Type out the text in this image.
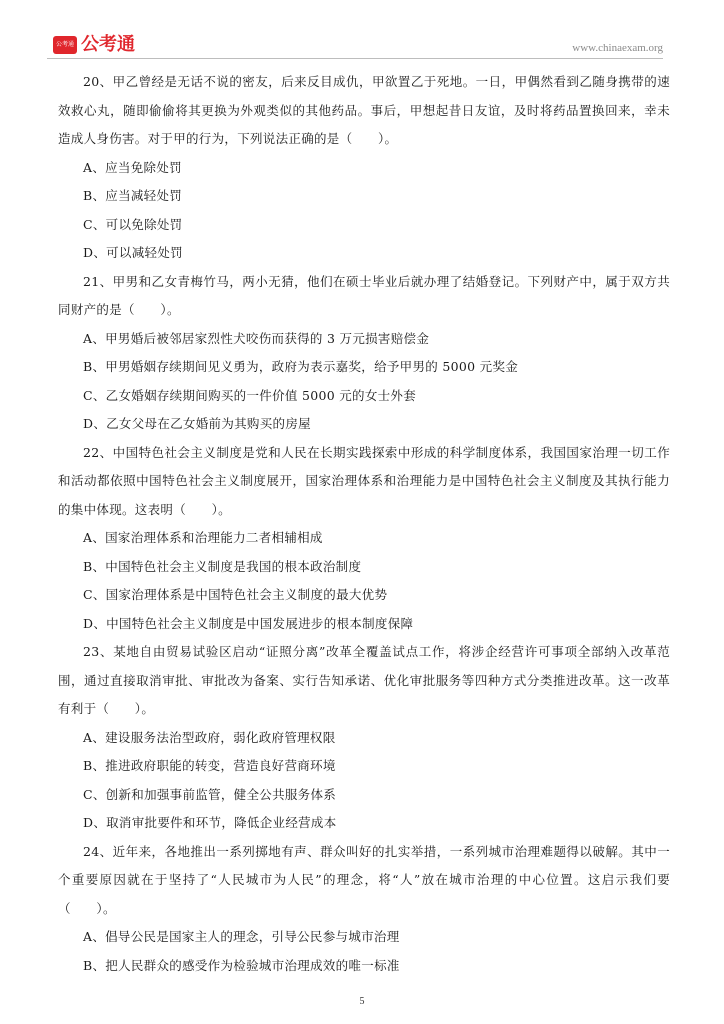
公考通 公考通	www.chinaexam.org

20、甲乙曾经是无话不说的密友，后来反目成仇，甲欲置乙于死地。一日，甲偶然看到乙随身携带的速效救心丸，随即偷偷将其更换为外观类似的其他药品。事后，甲想起昔日友谊，及时将药品置换回来，幸未造成人身伤害。对于甲的行为，下列说法正确的是（　　）。

A、应当免除处罚

B、应当减轻处罚

C、可以免除处罚

D、可以减轻处罚

21、甲男和乙女青梅竹马，两小无猜，他们在硕士毕业后就办理了结婚登记。下列财产中，属于双方共同财产的是（　　）。

A、甲男婚后被邻居家烈性犬咬伤而获得的 3 万元损害赔偿金

B、甲男婚姻存续期间见义勇为，政府为表示嘉奖，给予甲男的 5000 元奖金

C、乙女婚姻存续期间购买的一件价值 5000 元的女士外套

D、乙女父母在乙女婚前为其购买的房屋

22、中国特色社会主义制度是党和人民在长期实践探索中形成的科学制度体系，我国国家治理一切工作和活动都依照中国特色社会主义制度展开，国家治理体系和治理能力是中国特色社会主义制度及其执行能力的集中体现。这表明（　　）。

A、国家治理体系和治理能力二者相辅相成

B、中国特色社会主义制度是我国的根本政治制度

C、国家治理体系是中国特色社会主义制度的最大优势

D、中国特色社会主义制度是中国发展进步的根本制度保障

23、某地自由贸易试验区启动“证照分离”改革全覆盖试点工作，将涉企经营许可事项全部纳入改革范围，通过直接取消审批、审批改为备案、实行告知承诺、优化审批服务等四种方式分类推进改革。这一改革有利于（　　）。

A、建设服务法治型政府，弱化政府管理权限

B、推进政府职能的转变，营造良好营商环境

C、创新和加强事前监管，健全公共服务体系

D、取消审批要件和环节，降低企业经营成本

24、近年来，各地推出一系列掷地有声、群众叫好的扎实举措，一系列城市治理难题得以破解。其中一个重要原因就在于坚持了“人民城市为人民”的理念，将“人”放在城市治理的中心位置。这启示我们要（　　）。

A、倡导公民是国家主人的理念，引导公民参与城市治理

B、把人民群众的感受作为检验城市治理成效的唯一标准

5
